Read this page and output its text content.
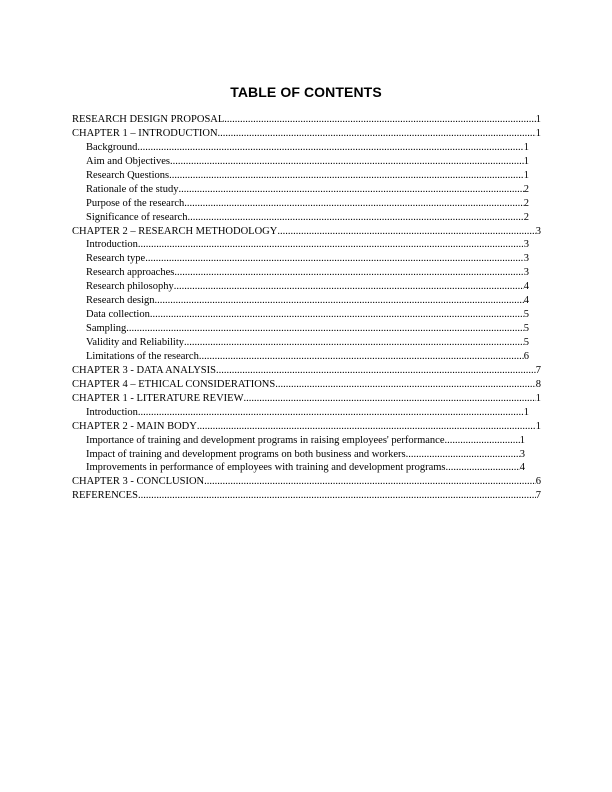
TABLE OF CONTENTS
RESEARCH DESIGN PROPOSAL .....	1
CHAPTER 1 – INTRODUCTION .....	1
Background .....	1
Aim and Objectives .....	1
Research Questions .....	1
Rationale of the study .....	2
Purpose of the research .....	2
Significance of research .....	2
CHAPTER 2 – RESEARCH METHODOLOGY .....	3
Introduction .....	3
Research type .....	3
Research approaches .....	3
Research philosophy .....	4
Research design .....	4
Data collection .....	5
Sampling .....	5
Validity and Reliability .....	5
Limitations of the research .....	6
CHAPTER 3 - DATA ANALYSIS .....	7
CHAPTER 4 – ETHICAL CONSIDERATIONS .....	8
CHAPTER 1 - LITERATURE REVIEW .....	1
Introduction .....	1
CHAPTER 2 - MAIN BODY .....	1
Importance of training and development programs in raising employees' performance .....	1
Impact of training and development programs on both business and workers .....	3
Improvements in performance of employees with training and development programs .....	4
CHAPTER 3 - CONCLUSION .....	6
REFERENCES .....	7
